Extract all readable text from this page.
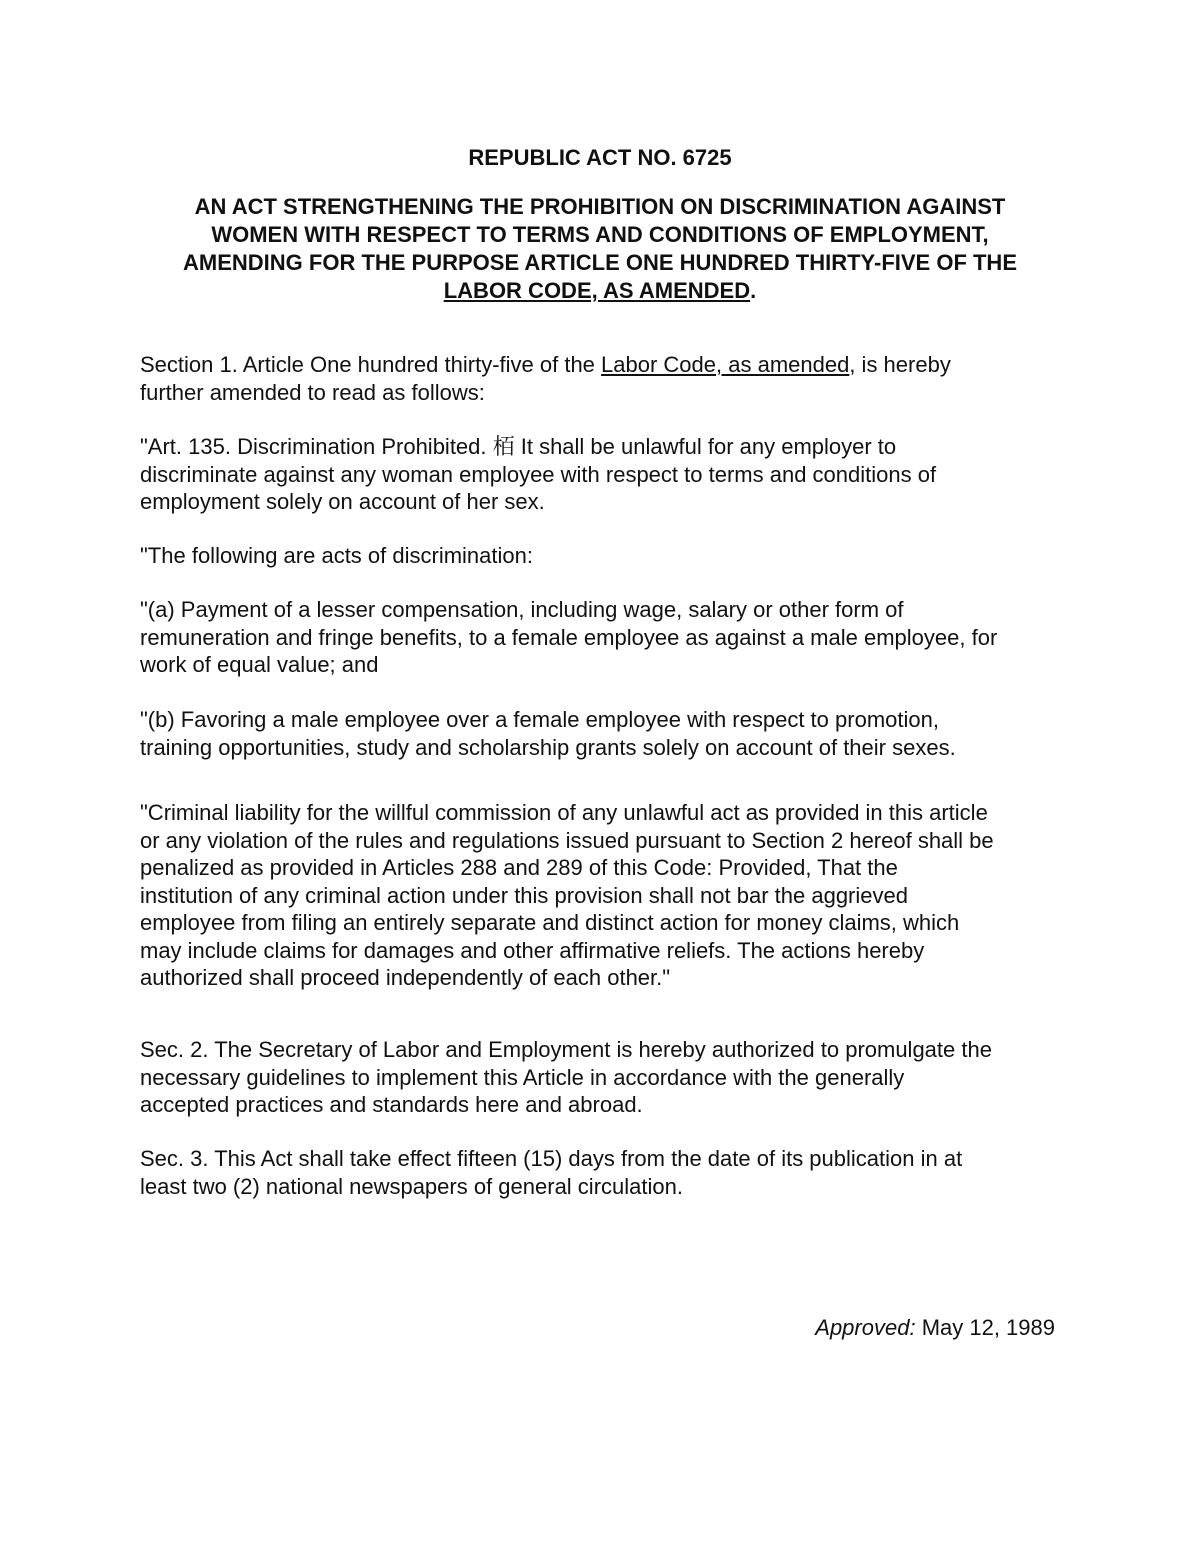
REPUBLIC ACT NO. 6725
AN ACT STRENGTHENING THE PROHIBITION ON DISCRIMINATION AGAINST
WOMEN WITH RESPECT TO TERMS AND CONDITIONS OF EMPLOYMENT,
AMENDING FOR THE PURPOSE ARTICLE ONE HUNDRED THIRTY-FIVE OF THE
LABOR CODE, AS AMENDED.
Section 1. Article One hundred thirty-five of the Labor Code, as amended, is hereby
further amended to read as follows:
"Art. 135. Discrimination Prohibited. 栢 It shall be unlawful for any employer to
discriminate against any woman employee with respect to terms and conditions of
employment solely on account of her sex.
"The following are acts of discrimination:
"(a) Payment of a lesser compensation, including wage, salary or other form of
remuneration and fringe benefits, to a female employee as against a male employee, for
work of equal value; and
"(b) Favoring a male employee over a female employee with respect to promotion,
training opportunities, study and scholarship grants solely on account of their sexes.
"Criminal liability for the willful commission of any unlawful act as provided in this article
or any violation of the rules and regulations issued pursuant to Section 2 hereof shall be
penalized as provided in Articles 288 and 289 of this Code: Provided, That the
institution of any criminal action under this provision shall not bar the aggrieved
employee from filing an entirely separate and distinct action for money claims, which
may include claims for damages and other affirmative reliefs. The actions hereby
authorized shall proceed independently of each other."
Sec. 2. The Secretary of Labor and Employment is hereby authorized to promulgate the
necessary guidelines to implement this Article in accordance with the generally
accepted practices and standards here and abroad.
Sec. 3. This Act shall take effect fifteen (15) days from the date of its publication in at
least two (2) national newspapers of general circulation.
Approved: May 12, 1989
